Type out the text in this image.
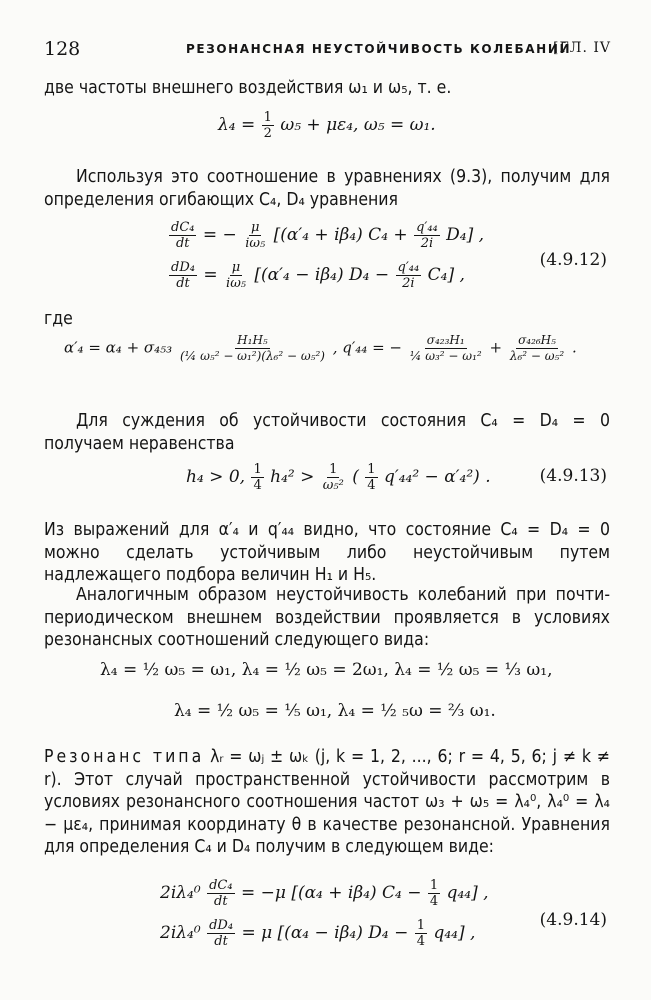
128	РЕЗОНАНСНАЯ НЕУСТОЙЧИВОСТЬ КОЛЕБАНИЙ
[ГЛ. IV
две частоты внешнего воздействия ω₁ и ω₅, т. е.
$\lambda_4 = \frac{1}{2} \omega_5 + \mu\varepsilon_4$, ω₅ = ω₁.
Используя это соотношение в уравнениях (9.3), получим для определения огибающих C₄, D₄ уравнения
$\frac{\text{dC₄}}{dt}$ = − $\frac{\mu}{\text{iω₅}} [(\alpha'_4 + i\beta_4) C_4 + \frac{\text{q′₄₄}}{2i} D_4]$ ,
$\frac{\text{dD₄}}{dt} = \frac{\mu}{\text{iω₅}} [(\alpha'_4 - i\beta_4) D_4 - \frac{\text{q′₄₄}}{2i} C_4]$ ,
(4.9.12)
где
$\alpha'_4 = \alpha_4 + \sigma_{453} \frac{\text{H₁H₅}}{\text{(¼ ω₅² − ω₁²)(λ₆² − ω₅²)}}$ , q′₄₄ = − $\frac{\text{σ₄₂₃H₁}}{\text{¼ ω₃² − ω₁²}} + \frac{\text{σ₄₂₆H₅}}{\text{λ₆² − ω₅²}}$ .
Для суждения об устойчивости состояния C₄ = D₄ = 0 получаем неравенства
h₄ > 0, $\frac{1}{4} h_4^2 > \frac{1}{\text{ω₅²}}$ ( $\frac{1}{4} q'_{44}^2 - \alpha'_4^2$) .	(4.9.13)
Из выражений для α′₄ и q′₄₄ видно, что состояние C₄ = D₄ = 0 можно сделать устойчивым либо неустойчивым путем надлежащего подбора величин H₁ и H₅.
Аналогичным образом неустойчивость колебаний при почти-периодическом внешнем воздействии проявляется в условиях резонансных соотношений следующего вида:
λ₄ = ½ ω₅ = ω₁, λ₄ = ½ ω₅ = 2ω₁, λ₄ = ½ ω₅ = ⅓ ω₁,
λ₄ = ½ ω₅ = ⅕ ω₁, λ₄ = ½ ₅ω = ⅔ ω₁.
Резонанс типа λᵣ = ωⱼ ± ωₖ (j, k = 1, 2, ..., 6; r = 4, 5, 6; j ≠ k ≠ r). Этот случай пространственной устойчивости рассмотрим в условиях резонансного соотношения частот ω₃ + ω₅ = λ₄⁰, λ₄⁰ = λ₄ − με₄, принимая координату θ в качестве резонансной. Уравнения для определения C₄ и D₄ получим в следующем виде:
$2i\lambda_4^0 \frac{\text{dC₄}}{dt} = -\mu$ [(α₄ + iβ₄) $C_4 - \frac{1}{4} q_{44}$] ,
$2i\lambda_4^0 \frac{\text{dD₄}}{dt} = \mu$ [(α₄ − iβ₄) $D_4 - \frac{1}{4} q_{44}$] ,
(4.9.14)
